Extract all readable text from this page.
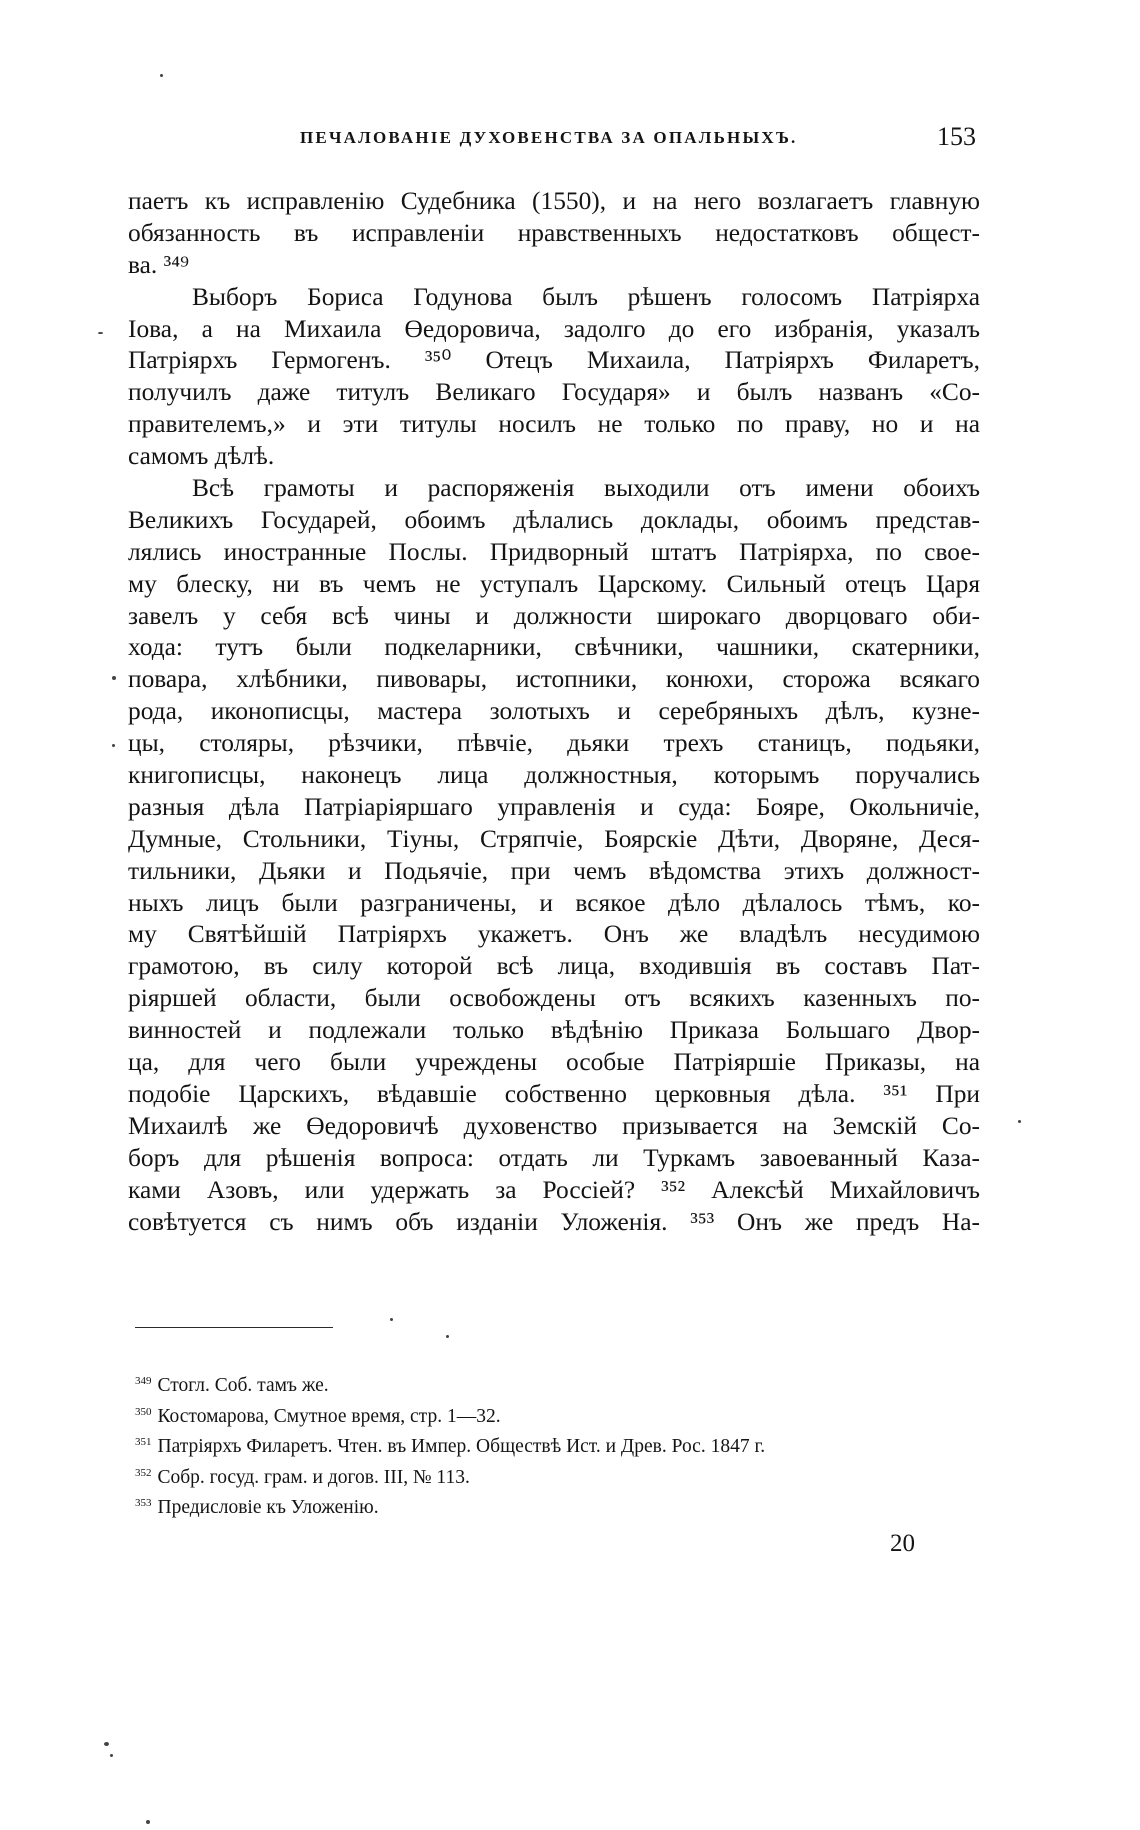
ПЕЧАЛОВАНІЕ ДУХОВЕНСТВА ЗА ОПАЛЬНЫХЪ.	153
паетъ къ исправленію Судебника (1550), и на него возлагаетъ главную
обязанность въ исправленіи нравственныхъ недостатковъ общест-
ва. ³⁴⁹
Выборъ Бориса Годунова былъ рѣшенъ голосомъ Патріярха
Іова, а на Михаила Өедоровича, задолго до его избранія, указалъ
Патріярхъ Гермогенъ. ³⁵⁰ Отецъ Михаила, Патріярхъ Филаретъ,
получилъ даже титулъ Великаго Государя» и былъ названъ «Со-
правителемъ,» и эти титулы носилъ не только по праву, но и на
самомъ дѣлѣ.
Всѣ грамоты и распоряженія выходили отъ имени обоихъ
Великихъ Государей, обоимъ дѣлались доклады, обоимъ представ-
лялись иностранные Послы. Придворный штатъ Патріярха, по свое-
му блеску, ни въ чемъ не уступалъ Царскому. Сильный отецъ Царя
завелъ у себя всѣ чины и должности широкаго дворцоваго оби-
хода: тутъ были подкеларники, свѣчники, чашники, скатерники,
повара, хлѣбники, пивовары, истопники, конюхи, сторожа всякаго
рода, иконописцы, мастера золотыхъ и серебряныхъ дѣлъ, кузне-
цы, столяры, рѣзчики, пѣвчіе, дьяки трехъ станицъ, подьяки,
книгописцы, наконецъ лица должностныя, которымъ поручались
разныя дѣла Патріаріяршаго управленія и суда: Бояре, Окольничіе,
Думные, Стольники, Тіуны, Стряпчіе, Боярскіе Дѣти, Дворяне, Деся-
тильники, Дьяки и Подьячіе, при чемъ вѣдомства этихъ должност-
ныхъ лицъ были разграничены, и всякое дѣло дѣлалось тѣмъ, ко-
му Святѣйшій Патріярхъ укажетъ. Онъ же владѣлъ несудимою
грамотою, въ силу которой всѣ лица, входившія въ составъ Пат-
ріяршей области, были освобождены отъ всякихъ казенныхъ по-
винностей и подлежали только вѣдѣнію Приказа Большаго Двор-
ца, для чего были учреждены особые Патріяршіе Приказы, на
подобіе Царскихъ, вѣдавшіе собственно церковныя дѣла. ³⁵¹ При
Михаилѣ же Өедоровичѣ духовенство призывается на Земскій Со-
боръ для рѣшенія вопроса: отдать ли Туркамъ завоеванный Каза-
ками Азовъ, или удержать за Россіей? ³⁵² Алексѣй Михайловичъ
совѣтуется съ нимъ объ изданіи Уложенія. ³⁵³ Онъ же предъ На-
$^{349}$ Стогл. Соб. тамъ же.
$^{350}$ Костомарова, Смутное время, стр. 1—32.
$^{351}$ Патріярхъ Филаретъ. Чтен. въ Импер. Обществѣ Ист. и Древ. Рос. 1847 г.
$^{352}$ Собр. госуд. грам. и догов. III, № 113.
$^{353}$ Предисловіе къ Уложенію.
20
